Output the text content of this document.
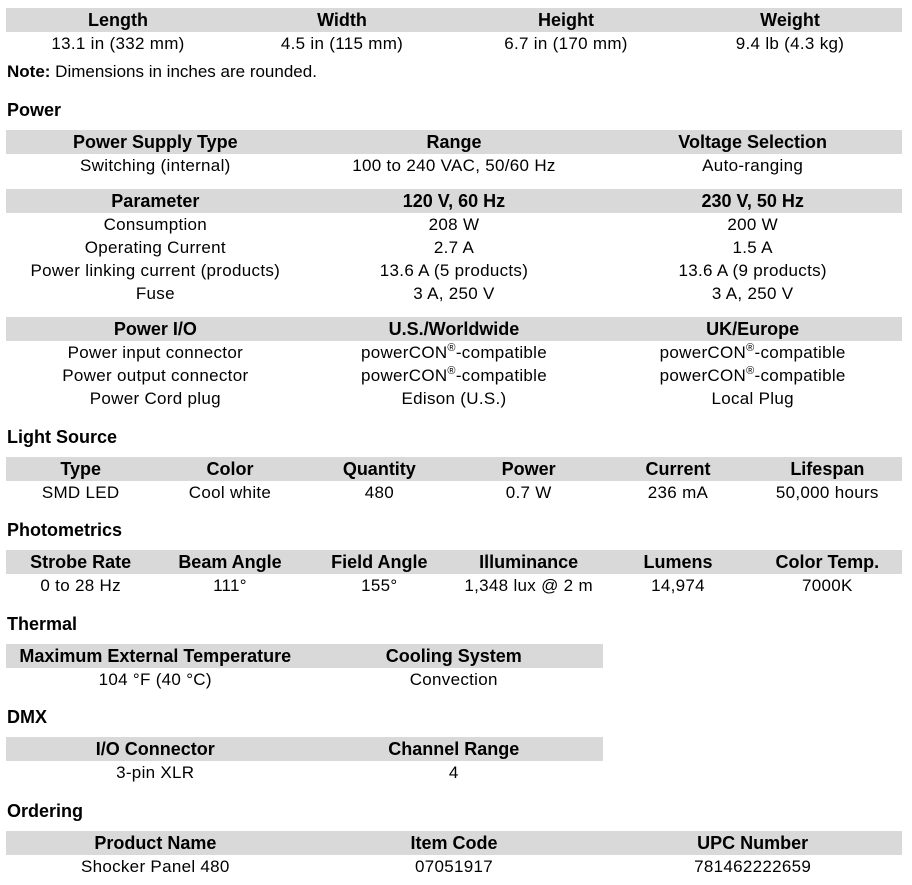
Length	Width	Height	Weight
13.1 in (332 mm)	4.5 in (115 mm)	6.7 in (170 mm)	9.4 lb (4.3 kg)
Note: Dimensions in inches are rounded.
Power
Power Supply Type	Range	Voltage Selection
Switching (internal)	100 to 240 VAC, 50/60 Hz	Auto-ranging
Parameter	120 V, 60 Hz	230 V, 50 Hz
Consumption	208 W	200 W
Operating Current	2.7 A	1.5 A
Power linking current (products)	13.6 A (5 products)	13.6 A (9 products)
Fuse	3 A, 250 V	3 A, 250 V
Power I/O	U.S./Worldwide	UK/Europe
Power input connector	powerCON®-compatible	powerCON®-compatible
Power output connector	powerCON®-compatible	powerCON®-compatible
Power Cord plug	Edison (U.S.)	Local Plug
Light Source
Type	Color	Quantity	Power	Current	Lifespan
SMD LED	Cool white	480	0.7 W	236 mA	50,000 hours
Photometrics
Strobe Rate	Beam Angle	Field Angle	Illuminance	Lumens	Color Temp.
0 to 28 Hz	111°	155°	1,348 lux @ 2 m	14,974	7000K
Thermal
Maximum External Temperature	Cooling System
104 °F (40 °C)	Convection
DMX
I/O Connector	Channel Range
3-pin XLR	4
Ordering
Product Name	Item Code	UPC Number
Shocker Panel 480	07051917	781462222659
